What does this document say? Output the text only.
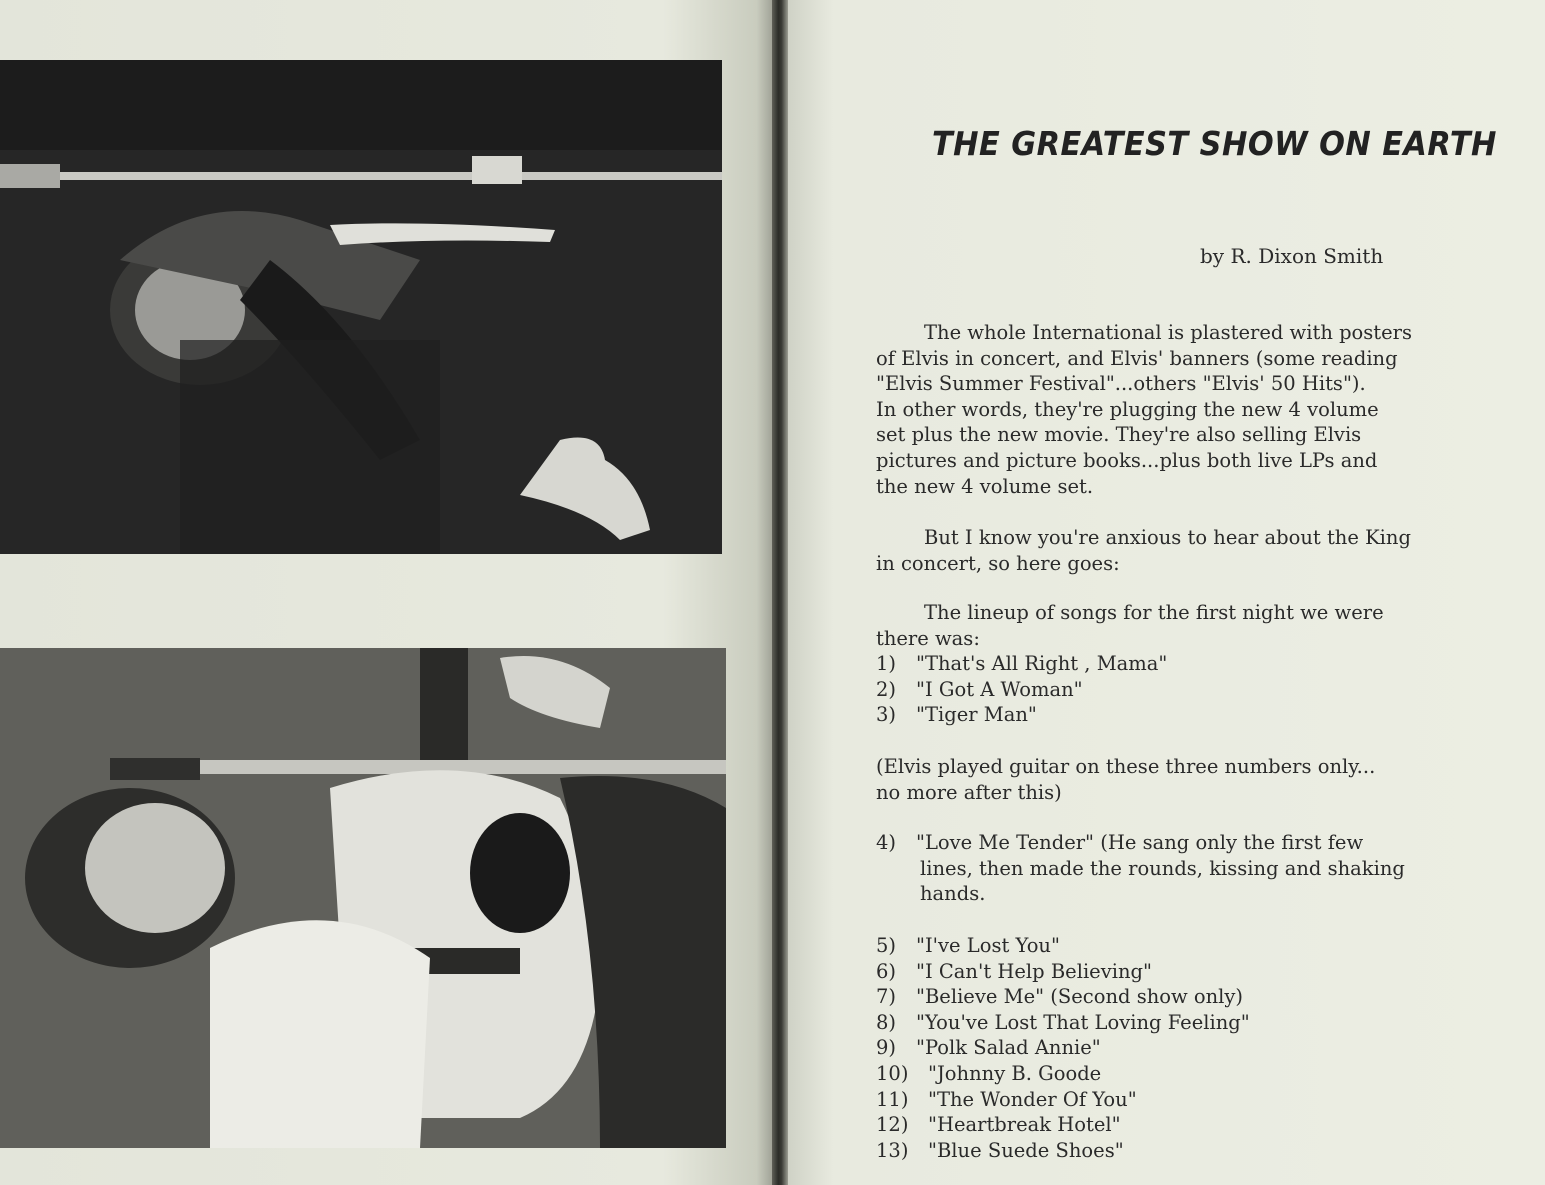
THE GREATEST SHOW ON EARTH
by R. Dixon Smith

The whole International is plastered with posters

of Elvis in concert, and Elvis' banners (some reading

"Elvis Summer Festival"...others "Elvis' 50 Hits").

In other words, they're plugging the new 4 volume

set plus the new movie. They're also selling Elvis

pictures and picture books...plus both live LPs and

the new 4 volume set.

But I know you're anxious to hear about the King

in concert, so here goes:

The lineup of songs for the first night we were

there was:

1) "That's All Right , Mama"

2) "I Got A Woman"

3) "Tiger Man"

(Elvis played guitar on these three numbers only...

no more after this)

4) "Love Me Tender" (He sang only the first few

lines, then made the rounds, kissing and shaking

hands.

5) "I've Lost You"

6) "I Can't Help Believing"

7) "Believe Me" (Second show only)

8) "You've Lost That Loving Feeling"

9) "Polk Salad Annie"

10) "Johnny B. Goode

11) "The Wonder Of You"

12) "Heartbreak Hotel"

13) "Blue Suede Shoes"
